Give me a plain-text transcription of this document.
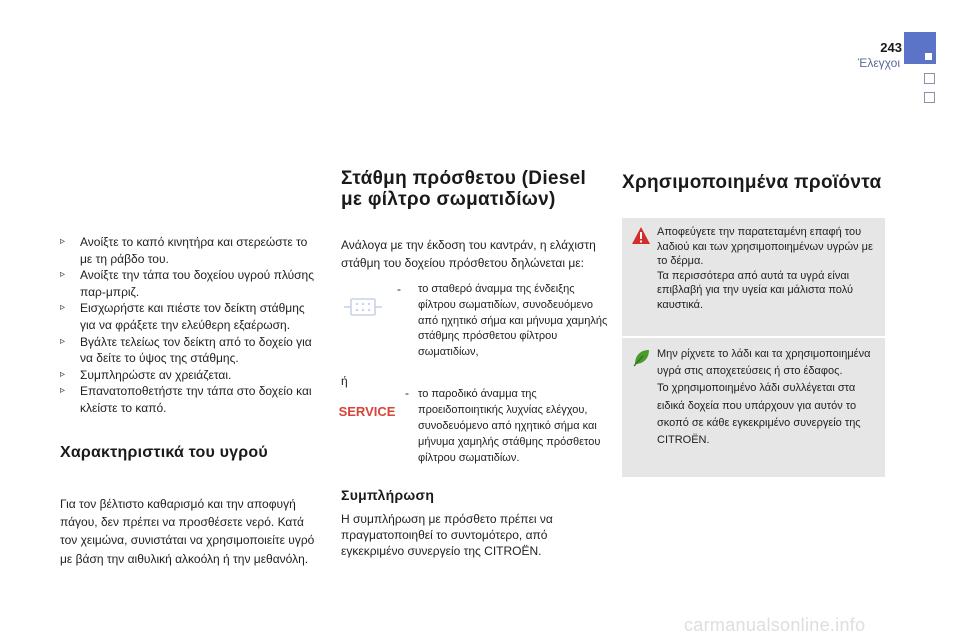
243
Έλεγχοι
▹ Ανοίξτε το καπό κινητήρα και στερεώστε το με τη ράβδο του.
▹ Ανοίξτε την τάπα του δοχείου υγρού πλύσης παρ-μπριζ.
▹ Εισχωρήστε και πιέστε τον δείκτη στάθμης για να φράξετε την ελεύθερη εξαέρωση.
▹ Βγάλτε τελείως τον δείκτη από το δοχείο για να δείτε το ύψος της στάθμης.
▹ Συμπληρώστε αν χρειάζεται.
▹ Επανατοποθετήστε την τάπα στο δοχείο και κλείστε το καπό.
Χαρακτηριστικά του υγρού

Για τον βέλτιστο καθαρισμό και την αποφυγή πάγου, δεν πρέπει να προσθέσετε νερό. Κατά τον χειμώνα, συνιστάται να χρησιμοποιείτε υγρό με βάση την αιθυλική αλκοόλη ή την μεθανόλη.

Στάθμη πρόσθετου (Diesel με φίλτρο σωματιδίων)

Ανάλογα με την έκδοση του καντράν, η ελάχιστη στάθμη του δοχείου πρόσθετου δηλώνεται με:

- το σταθερό άναμμα της ένδειξης φίλτρου σωματιδίων, συνοδευόμενο από ηχητικό σήμα και μήνυμα χαμηλής στάθμης πρόσθετου φίλτρου σωματιδίων,

ή
SERVICE
- το παροδικό άναμμα της προειδοποιητικής λυχνίας ελέγχου, συνοδευόμενο από ηχητικό σήμα και μήνυμα χαμηλής στάθμης πρόσθετου φίλτρου σωματιδίων.

Συμπλήρωση

Η συμπλήρωση με πρόσθετο πρέπει να πραγματοποιηθεί το συντομότερο, από εγκεκριμένο συνεργείο της CITROËN.

Χρησιμοποιημένα προϊόντα

Αποφεύγετε την παρατεταμένη επαφή του λαδιού και των χρησιμοποιημένων υγρών με το δέρμα.

Τα περισσότερα από αυτά τα υγρά είναι επιβλαβή για την υγεία και μάλιστα πολύ καυστικά.

Μην ρίχνετε το λάδι και τα χρησιμοποιημένα υγρά στις αποχετεύσεις ή στο έδαφος.

Το χρησιμοποιημένο λάδι συλλέγεται στα ειδικά δοχεία που υπάρχουν για αυτόν το σκοπό σε κάθε εγκεκριμένο συνεργείο της CITROËN.

carmanualsonline.info
